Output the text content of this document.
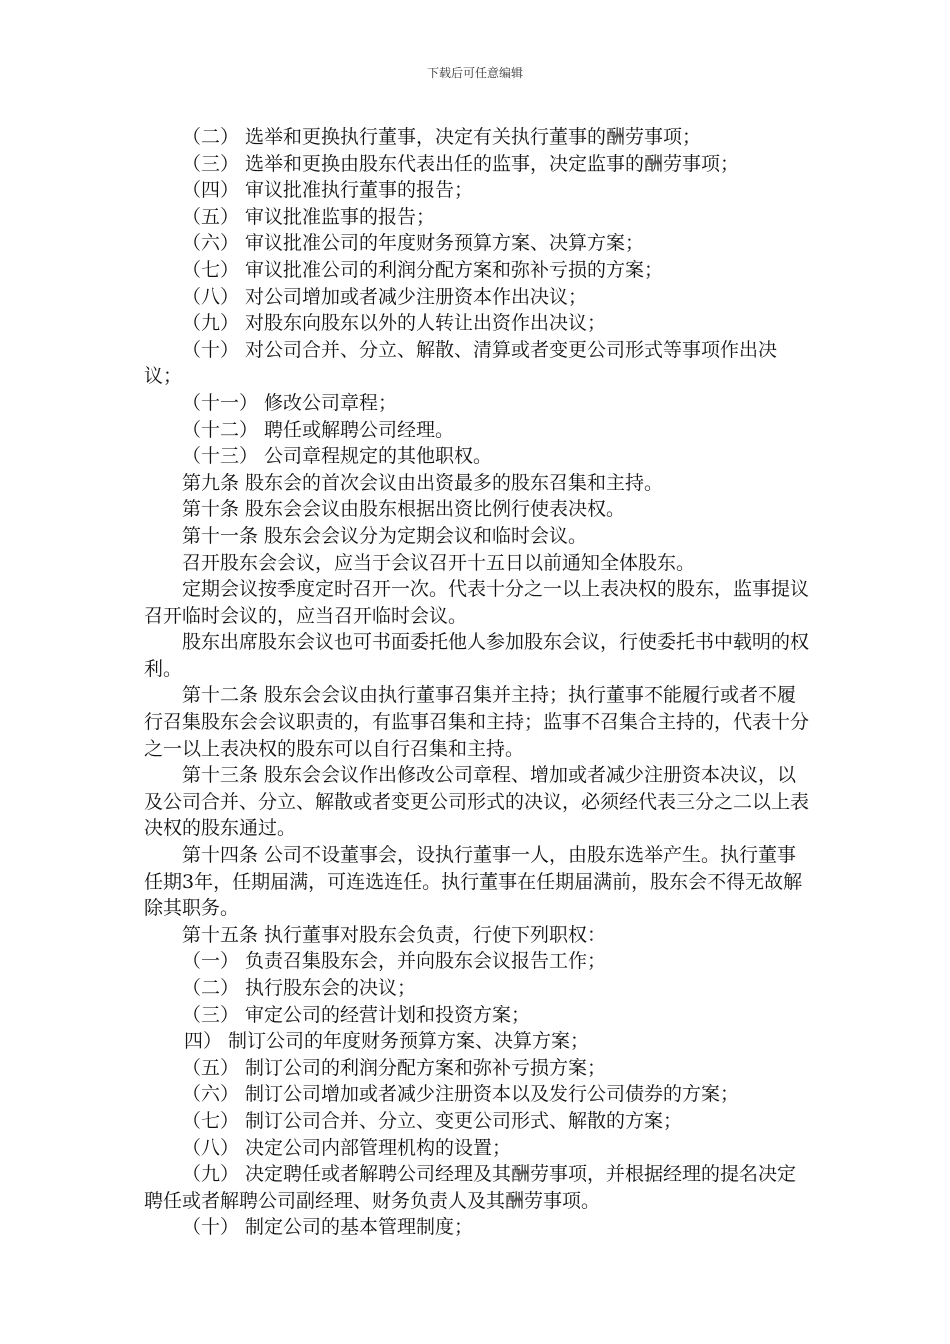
下载后可任意编辑

（二） 选举和更换执行董事，决定有关执行董事的酬劳事项；

（三） 选举和更换由股东代表出任的监事，决定监事的酬劳事项；

（四） 审议批准执行董事的报告；

（五） 审议批准监事的报告；

（六） 审议批准公司的年度财务预算方案、决算方案；

（七） 审议批准公司的利润分配方案和弥补亏损的方案；

（八） 对公司增加或者减少注册资本作出决议；

（九） 对股东向股东以外的人转让出资作出决议；

（十） 对公司合并、分立、解散、清算或者变更公司形式等事项作出决议；

（十一） 修改公司章程；

（十二） 聘任或解聘公司经理。

（十三） 公司章程规定的其他职权。

第九条 股东会的首次会议由出资最多的股东召集和主持。

第十条 股东会会议由股东根据出资比例行使表决权。

第十一条 股东会会议分为定期会议和临时会议。

召开股东会会议，应当于会议召开十五日以前通知全体股东。

定期会议按季度定时召开一次。代表十分之一以上表决权的股东，监事提议召开临时会议的，应当召开临时会议。

股东出席股东会议也可书面委托他人参加股东会议，行使委托书中载明的权利。

第十二条 股东会会议由执行董事召集并主持；执行董事不能履行或者不履行召集股东会会议职责的，有监事召集和主持；监事不召集合主持的，代表十分之一以上表决权的股东可以自行召集和主持。

第十三条 股东会会议作出修改公司章程、增加或者减少注册资本决议，以及公司合并、分立、解散或者变更公司形式的决议，必须经代表三分之二以上表决权的股东通过。

第十四条 公司不设董事会，设执行董事一人，由股东选举产生。执行董事任期3年，任期届满，可连选连任。执行董事在任期届满前，股东会不得无故解除其职务。

第十五条 执行董事对股东会负责，行使下列职权：

（一） 负责召集股东会，并向股东会议报告工作；

（二） 执行股东会的决议；

（三） 审定公司的经营计划和投资方案；

四） 制订公司的年度财务预算方案、决算方案；

（五） 制订公司的利润分配方案和弥补亏损方案；

（六） 制订公司增加或者减少注册资本以及发行公司债券的方案；

（七） 制订公司合并、分立、变更公司形式、解散的方案；

（八） 决定公司内部管理机构的设置；

（九） 决定聘任或者解聘公司经理及其酬劳事项，并根据经理的提名决定聘任或者解聘公司副经理、财务负责人及其酬劳事项。

（十） 制定公司的基本管理制度；
